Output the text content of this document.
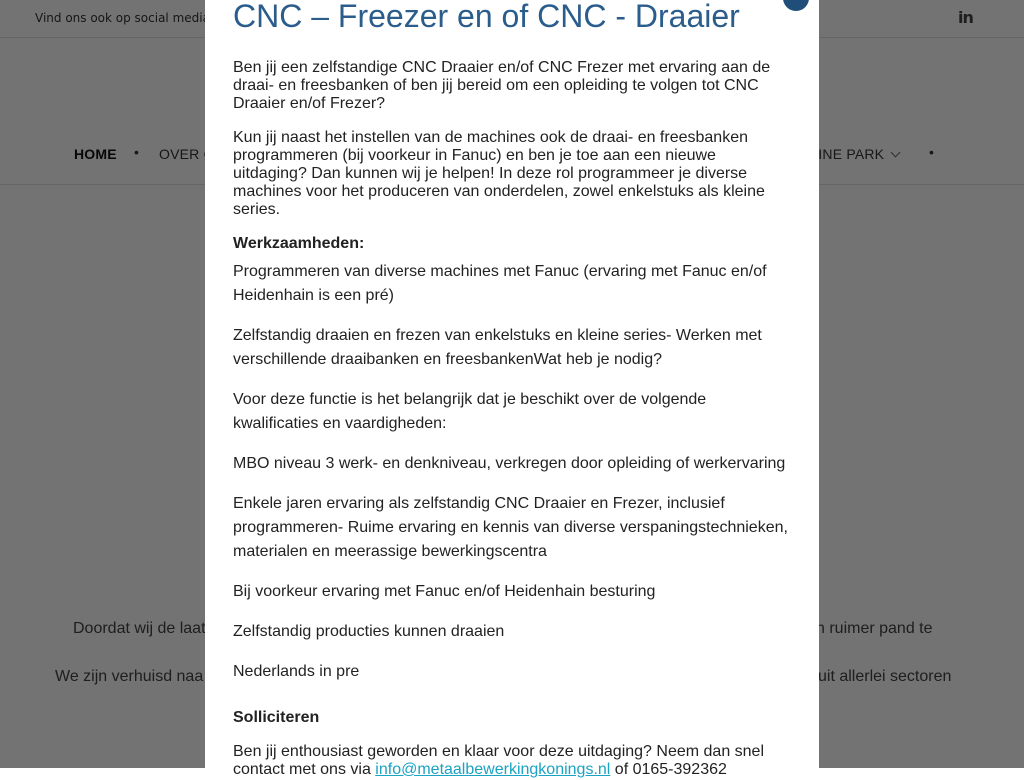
CNC – Freezer en of CNC - Draaier
Ben jij een zelfstandige CNC Draaier en/of CNC Frezer met ervaring aan de draai- en freesbanken of ben jij bereid om een opleiding te volgen tot CNC Draaier en/of Frezer?
Kun jij naast het instellen van de machines ook de draai- en freesbanken programmeren (bij voorkeur in Fanuc) en ben je toe aan een nieuwe uitdaging? Dan kunnen wij je helpen! In deze rol programmeer je diverse machines voor het produceren van onderdelen, zowel enkelstuks als kleine series.
Werkzaamheden:
Programmeren van diverse machines met Fanuc (ervaring met Fanuc en/of Heidenhain is een pré)
Zelfstandig draaien en frezen van enkelstuks en kleine series- Werken met verschillende draaibanken en freesbankenWat heb je nodig?
Voor deze functie is het belangrijk dat je beschikt over de volgende kwalificaties en vaardigheden:
MBO niveau 3 werk- en denkniveau, verkregen door opleiding of werkervaring
Enkele jaren ervaring als zelfstandig CNC Draaier en Frezer, inclusief programmeren- Ruime ervaring en kennis van diverse verspaningstechnieken, materialen en meerassige bewerkingscentra
Bij voorkeur ervaring met Fanuc en/of Heidenhain besturing
Zelfstandig producties kunnen draaien
Nederlands in pre
Solliciteren
Ben jij enthousiast geworden en klaar voor deze uitdaging? Neem dan snel contact met ons via info@metaalbewerkingkonings.nl of 0165-392362
